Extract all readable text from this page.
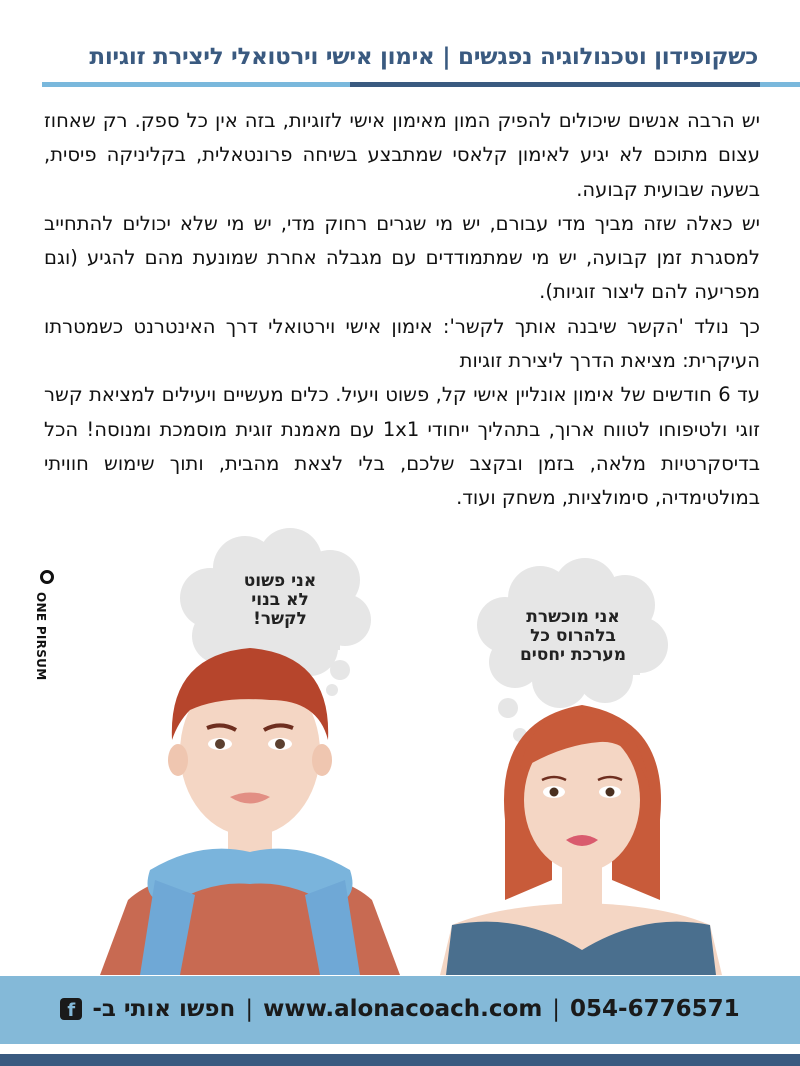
כשקופידון וטכנולוגיה נפגשים | אימון אישי וירטואלי ליצירת זוגיות

יש הרבה אנשים שיכולים להפיק המון מאימון אישי לזוגיות, בזה אין כל ספק. רק שאחוז עצום מתוכם לא יגיע לאימון קלאסי שמתבצע בשיחה פרונטאלית, בקליניקה פיסית, בשעה שבועית קבועה.

יש כאלה שזה מביך מדי עבורם, יש מי שגרים רחוק מדי, יש מי שלא יכולים להתחייב למסגרת זמן קבועה, יש מי שמתמודדים עם מגבלה אחרת שמונעת מהם להגיע (וגם מפריעה להם ליצור זוגיות).

כך נולד 'הקשר שיבנה אותך לקשר': אימון אישי וירטואלי דרך האינטרנט כשמטרתו העיקרית: מציאת הדרך ליצירת זוגיות

עד 6 חודשים של אימון אונליין אישי קל, פשוט ויעיל. כלים מעשיים ויעילים למציאת קשר זוגי ולטיפוחו לטווח ארוך, בתהליך ייחודי 1x1 עם מאמנת זוגית מוסמכת ומנוסה! הכל בדיסקרטיות מלאה, בזמן ובקצב שלכם, בלי לצאת מהבית, ותוך שימוש חוויתי במולטימדיה, סימולציות, משחק ועוד.

אני פשוט
לא בנוי
לקשר!	אני מוכשרת
בלהרוס כל
מערכת יחסים
ONE PIRSUM
f חפשו אותי ב- | www.alonacoach.com | 054-6776571
